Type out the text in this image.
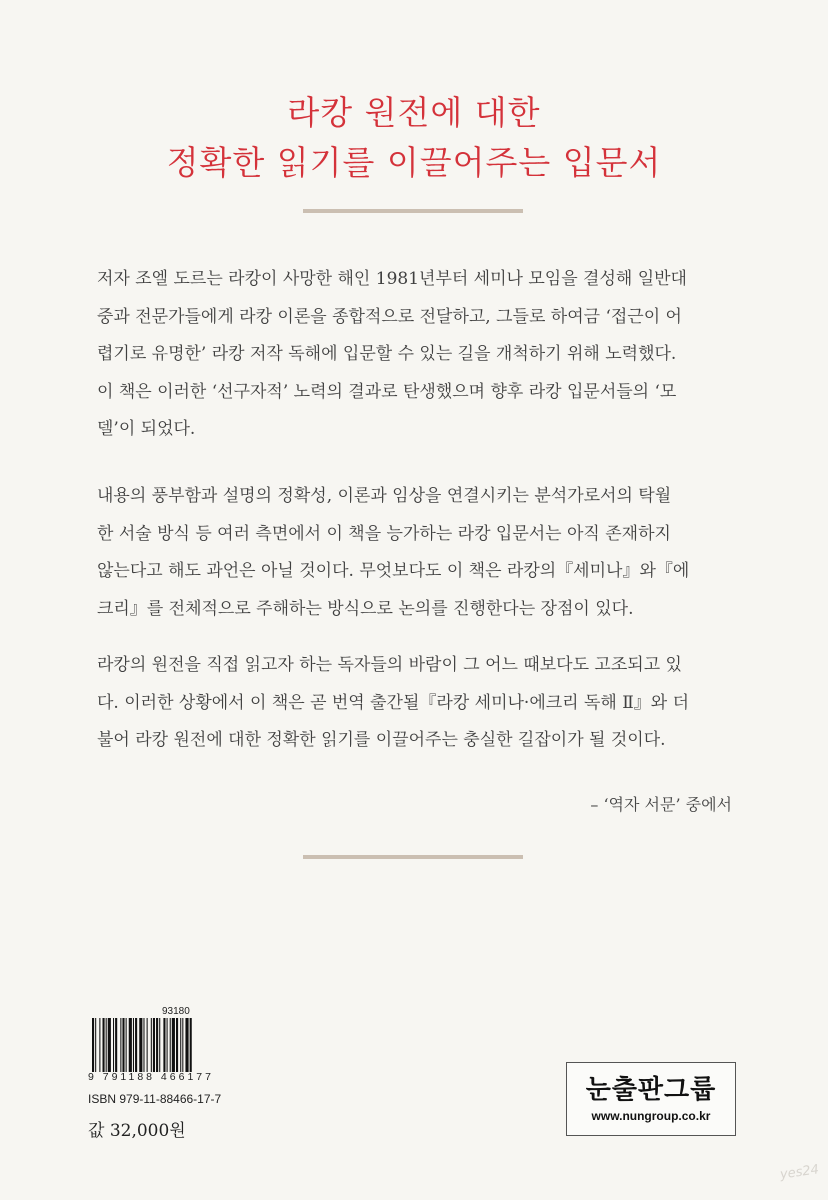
라캉 원전에 대한
정확한 읽기를 이끌어주는 입문서
저자 조엘 도르는 라캉이 사망한 해인 1981년부터 세미나 모임을 결성해 일반대
중과 전문가들에게 라캉 이론을 종합적으로 전달하고, 그들로 하여금 ‘접근이 어
렵기로 유명한’ 라캉 저작 독해에 입문할 수 있는 길을 개척하기 위해 노력했다.
이 책은 이러한 ‘선구자적’ 노력의 결과로 탄생했으며 향후 라캉 입문서들의 ‘모
델’이 되었다.
내용의 풍부함과 설명의 정확성, 이론과 임상을 연결시키는 분석가로서의 탁월
한 서술 방식 등 여러 측면에서 이 책을 능가하는 라캉 입문서는 아직 존재하지
않는다고 해도 과언은 아닐 것이다. 무엇보다도 이 책은 라캉의『세미나』와『에
크리』를 전체적으로 주해하는 방식으로 논의를 진행한다는 장점이 있다.
라캉의 원전을 직접 읽고자 하는 독자들의 바람이 그 어느 때보다도 고조되고 있
다. 이러한 상황에서 이 책은 곧 번역 출간될『라캉 세미나·에크리 독해 Ⅱ』와 더
불어 라캉 원전에 대한 정확한 읽기를 이끌어주는 충실한 길잡이가 될 것이다.
– ‘역자 서문’ 중에서
93180
9 791188 466177
ISBN 979-11-88466-17-7
값 32,000원
눈출판그룹
www.nungroup.co.kr
yes24
